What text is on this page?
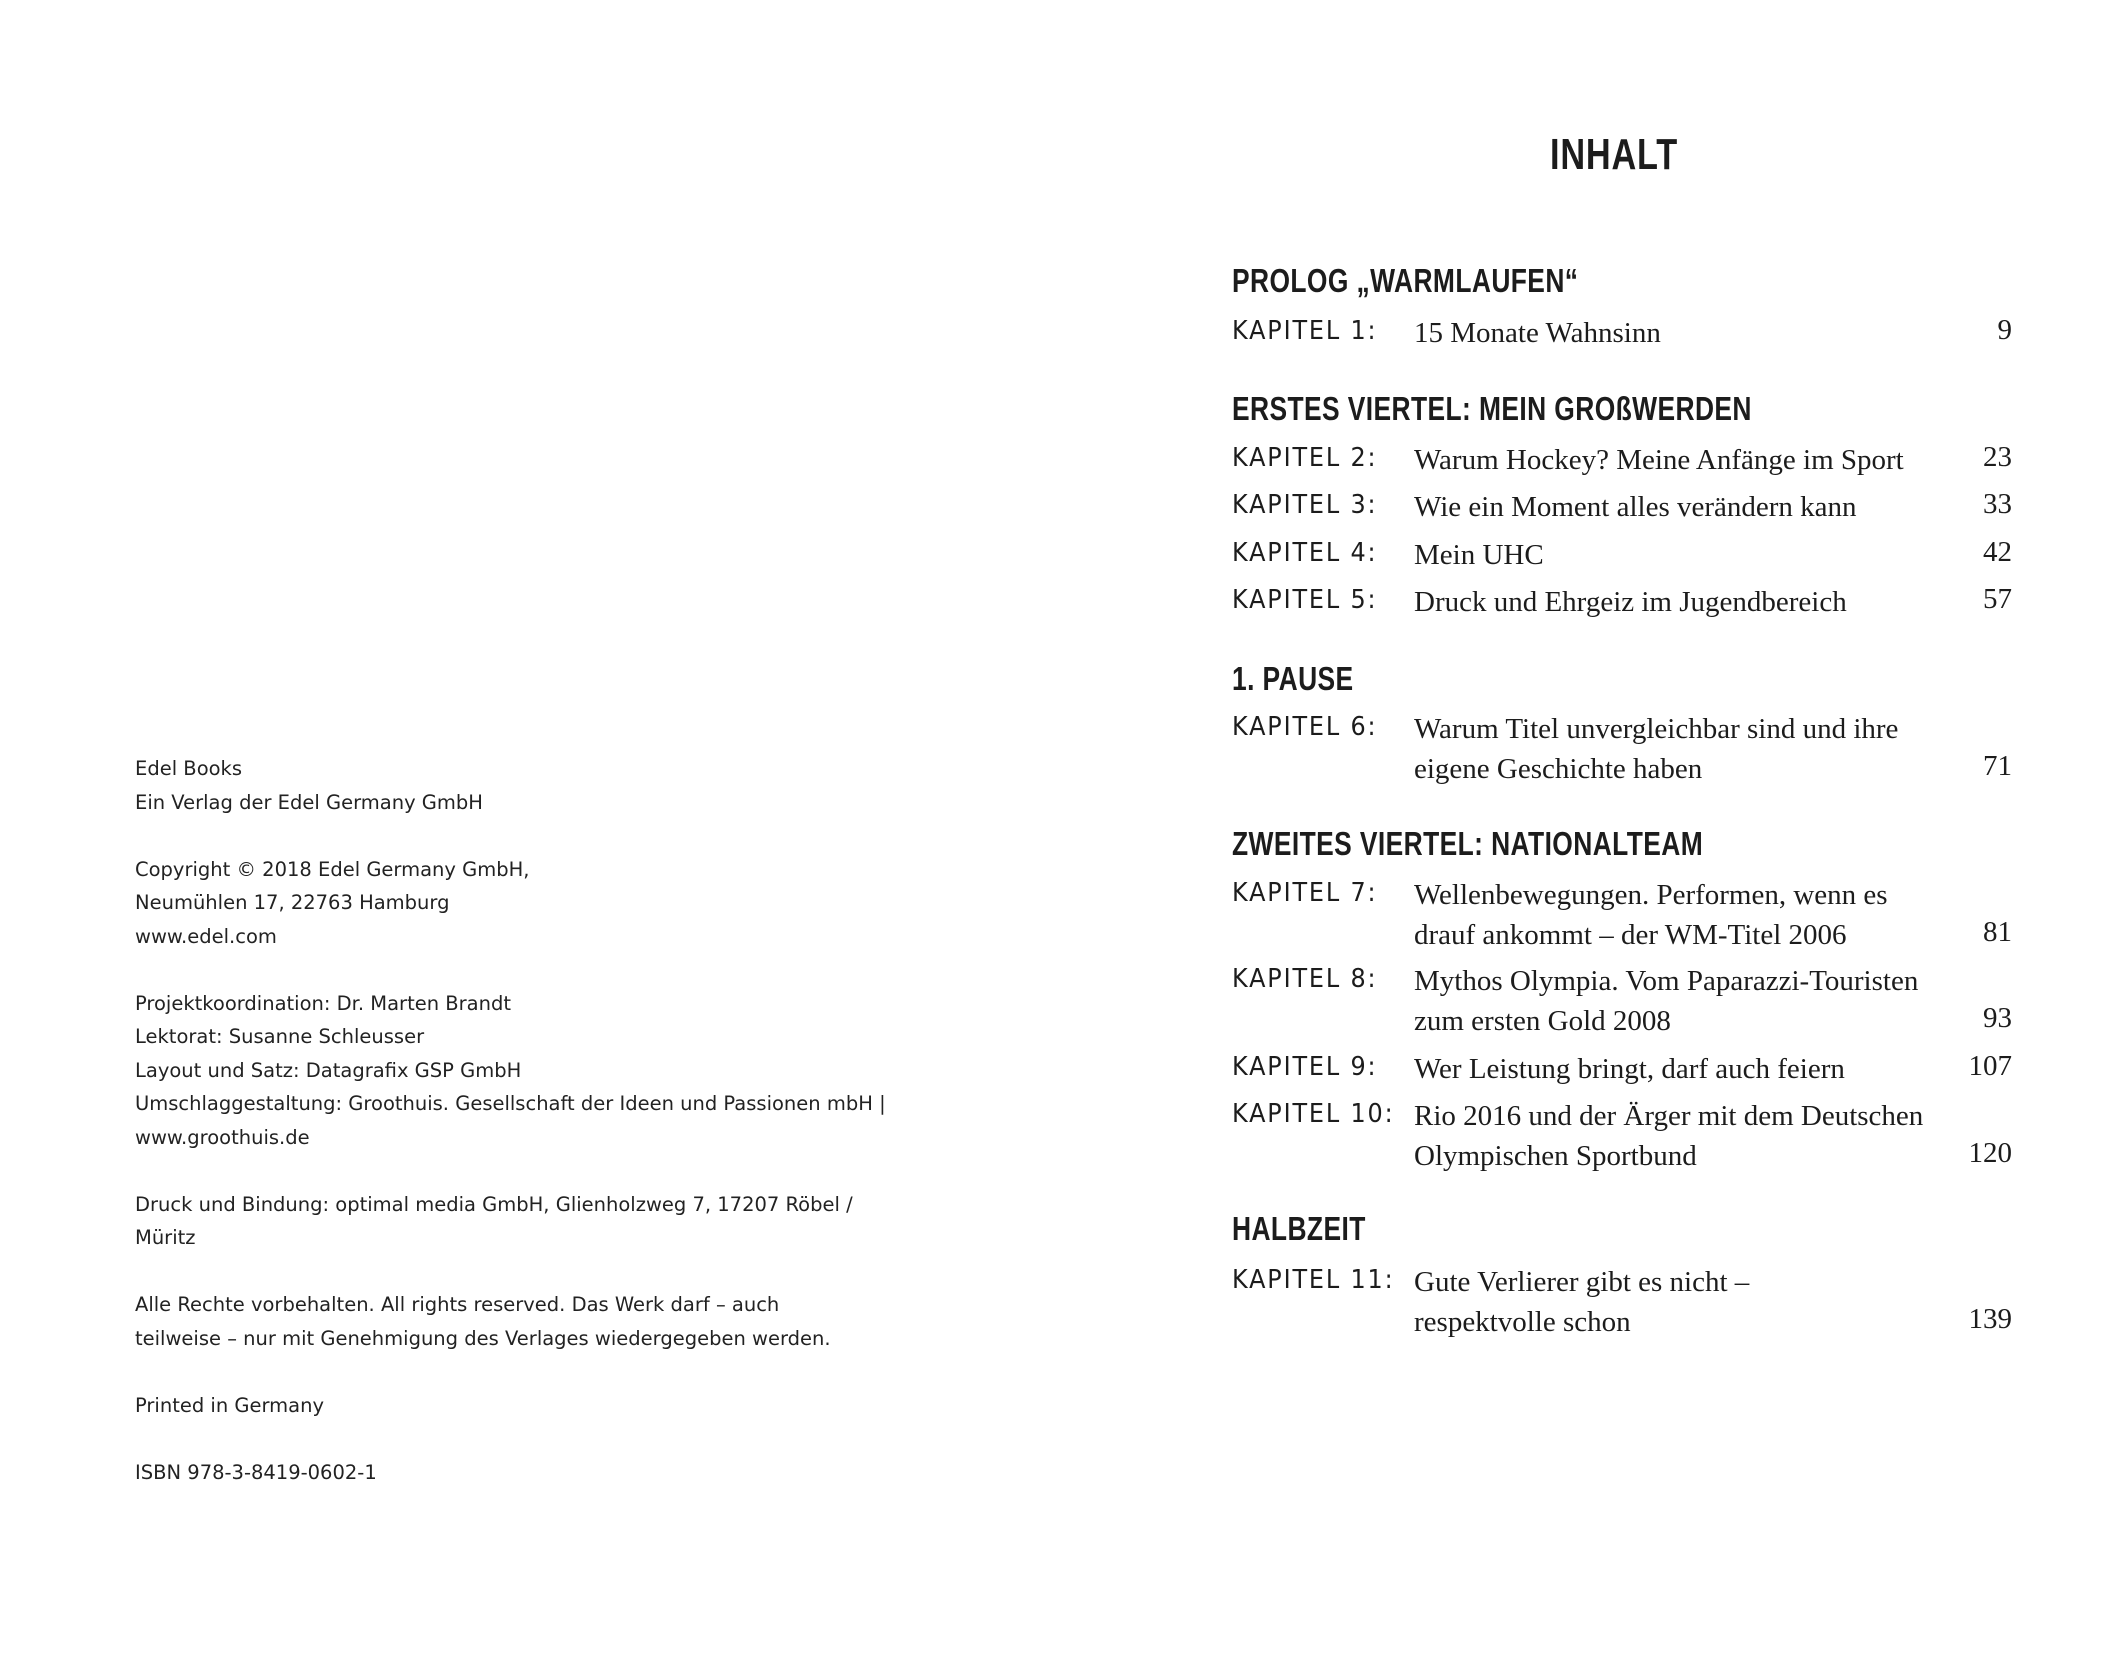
Edel Books
Ein Verlag der Edel Germany GmbH
Copyright © 2018 Edel Germany GmbH,
Neumühlen 17, 22763 Hamburg
www.edel.com
Projektkoordination: Dr. Marten Brandt
Lektorat: Susanne Schleusser
Layout und Satz: Datagrafix GSP GmbH
Umschlaggestaltung: Groothuis. Gesellschaft der Ideen und Passionen mbH |
www.groothuis.de
Druck und Bindung: optimal media GmbH, Glienholzweg 7, 17207 Röbel /
Müritz
Alle Rechte vorbehalten. All rights reserved. Das Werk darf – auch
teilweise – nur mit Genehmigung des Verlages wiedergegeben werden.
Printed in Germany
ISBN 978-3-8419-0602-1
INHALT
PROLOG „WARMLAUFEN“
KAPITEL 1: 15 Monate Wahnsinn	9
ERSTES VIERTEL: MEIN GROßWERDEN
KAPITEL 2: Warum Hockey? Meine Anfänge im Sport	23
KAPITEL 3: Wie ein Moment alles verändern kann	33
KAPITEL 4: Mein UHC	42
KAPITEL 5: Druck und Ehrgeiz im Jugendbereich	57
1. PAUSE
KAPITEL 6: Warum Titel unvergleichbar sind und ihre
eigene Geschichte haben	71
ZWEITES VIERTEL: NATIONALTEAM
KAPITEL 7: Wellenbewegungen. Performen, wenn es
drauf ankommt – der WM-Titel 2006	81
KAPITEL 8: Mythos Olympia. Vom Paparazzi-Touristen
zum ersten Gold 2008	93
KAPITEL 9: Wer Leistung bringt, darf auch feiern	107
KAPITEL 10: Rio 2016 und der Ärger mit dem Deutschen
Olympischen Sportbund	120
HALBZEIT
KAPITEL 11: Gute Verlierer gibt es nicht –
respektvolle schon	139
